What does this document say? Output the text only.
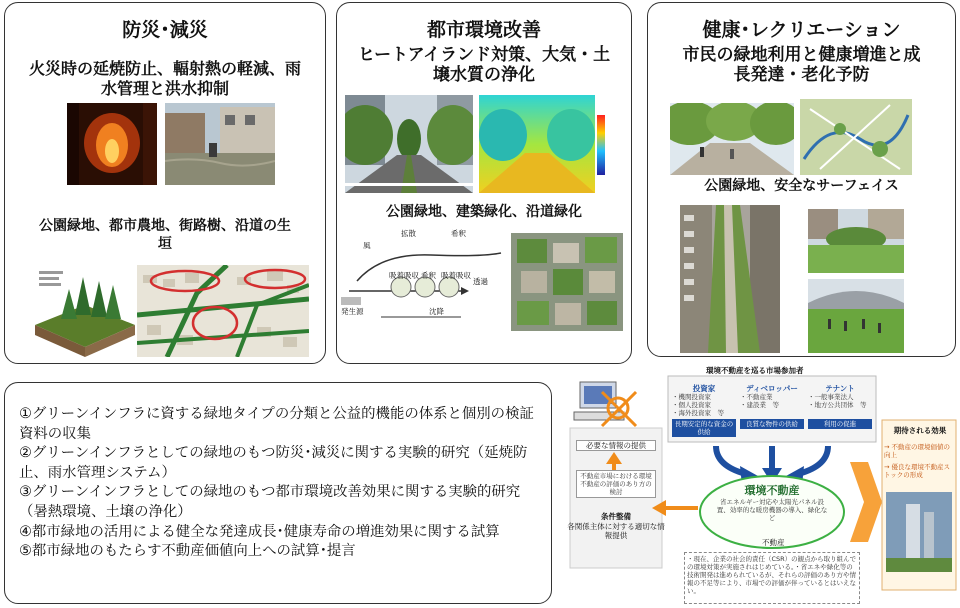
防災･減災
火災時の延焼防止、輻射熱の軽減、雨水管理と洪水抑制
公園緑地、都市農地、街路樹、沿道の生垣
都市環境改善
ヒートアイランド対策、大気・土壌水質の浄化
公園緑地、建築緑化、沿道緑化
風
拡散	希釈
発生源
吸着吸収 希釈 吸着吸収
透過
沈降
健康･レクリエーション
市民の緑地利用と健康増進と成長発達・老化予防
公園緑地、安全なサーフェイス
①グリーンインフラに資する緑地タイプの分類と公益的機能の体系と個別の検証資料の収集
②グリーンインフラとしての緑地のもつ防災･減災に関する実験的研究（延焼防止、雨水管理システム）
③グリーンインフラとしての緑地のもつ都市環境改善効果に関する実験的研究（暑熱環境、土壌の浄化）
④都市緑地の活用による健全な発達成長･健康寿命の増進効果に関する試算
⑤都市緑地のもたらす不動産価値向上への試算･提言
環境不動産を巡る市場参加者
投資家
・機関投資家
・個人投資家
・海外投資家　等
長期安定的な資金の供給
ディベロッパー
・不動産業
・建設業　等
良質な物件の供給
テナント
・一般事業法人
・地方公共団体　等
利用の促進
必要な情報の提供
不動産市場における環境不動産の評価のあり方の検討
条件整備
各関係主体に対する適切な情報提供
環境不動産
省エネルギー対応や太陽光パネル設置、効率的な暖房機器の導入、緑化など
不動産
・現在、企業の社会的責任（CSR）の観点から取り組んでの環境対策が実施されはじめている。・省エネや緑化等の技術開発は進められているが、それらの評価のあり方や情報の不足等により、市場での評価が伴っているとはいえない。
期待される効果
→ 不動産の環境価値の向上
→ 優良な環境不動産ストックの形成
